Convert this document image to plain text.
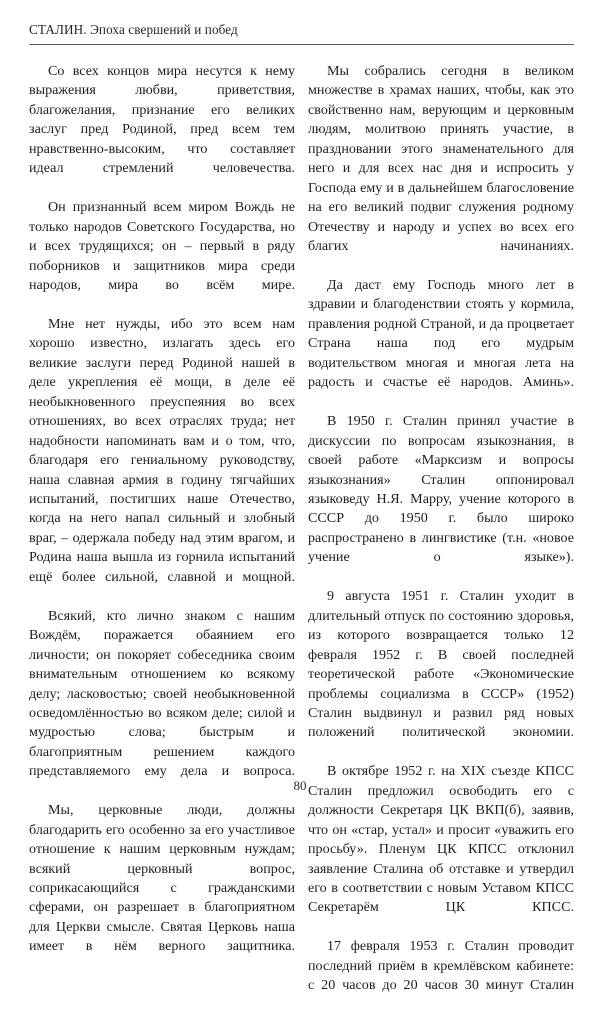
СТАЛИН. Эпоха свершений и побед

Со всех концов мира несутся к нему выражения любви, приветствия, благожелания, признание его великих заслуг пред Родиной, пред всем тем нравственно-высоким, что составляет идеал стремлений человечества.

Он признанный всем миром Вождь не только народов Советского Государства, но и всех трудящихся; он – первый в ряду поборников и защитников мира среди народов, мира во всём мире.

Мне нет нужды, ибо это всем нам хорошо известно, излагать здесь его великие заслуги перед Родиной нашей в деле укрепления её мощи, в деле её необыкновенного преуспеяния во всех отношениях, во всех отраслях труда; нет надобности напоминать вам и о том, что, благодаря его гениальному руководству, наша славная армия в годину тягчайших испытаний, постигших наше Отечество, когда на него напал сильный и злобный враг, – одержала победу над этим врагом, и Родина наша вышла из горнила испытаний ещё более сильной, славной и мощной.

Всякий, кто лично знаком с нашим Вождём, поражается обаянием его личности; он покоряет собеседника своим внимательным отношением ко всякому делу; ласковостью; своей необыкновенной осведомлённостью во всяком деле; силой и мудростью слова; быстрым и благоприятным решением каждого представляемого ему дела и вопроса.

Мы, церковные люди, должны благодарить его особенно за его участливое отношение к нашим церковным нуждам; всякий церковный вопрос, соприкасающийся с гражданскими сферами, он разрешает в благоприятном для Церкви смысле. Святая Церковь наша имеет в нём верного защитника.

Мы собрались сегодня в великом множестве в храмах наших, чтобы, как это свойственно нам, верующим и церковным людям, молитвою принять участие, в праздновании этого знаменательного для него и для всех нас дня и испросить у Господа ему и в дальнейшем благословение на его великий подвиг служения родному Отечеству и народу и успех во всех его благих начинаниях.

Да даст ему Господь много лет в здравии и благоденствии стоять у кормила, правления родной Страной, и да процветает Страна наша под его мудрым водительством многая и многая лета на радость и счастье её народов. Аминь».

В 1950 г. Сталин принял участие в дискуссии по вопросам языкознания, в своей работе «Марксизм и вопросы языкознания» Сталин оппонировал языковеду Н.Я. Марру, учение которого в СССР до 1950 г. было широко распространено в лингвистике (т.н. «новое учение о языке»).

9 августа 1951 г. Сталин уходит в длительный отпуск по состоянию здоровья, из которого возвращается только 12 февраля 1952 г. В своей последней теоретической работе «Экономические проблемы социализма в СССР» (1952) Сталин выдвинул и развил ряд новых положений политической экономии.

В октябре 1952 г. на XIX съезде КПСС Сталин предложил освободить его с должности Секретаря ЦК ВКП(б), заявив, что он «стар, устал» и просит «уважить его просьбу». Пленум ЦК КПСС отклонил заявление Сталина об отставке и утвердил его в соответствии с новым Уставом КПСС Секретарём ЦК КПСС.

17 февраля 1953 г. Сталин проводит последний приём в кремлёвском кабинете: с 20 часов до 20 часов 30 минут Сталин

80
